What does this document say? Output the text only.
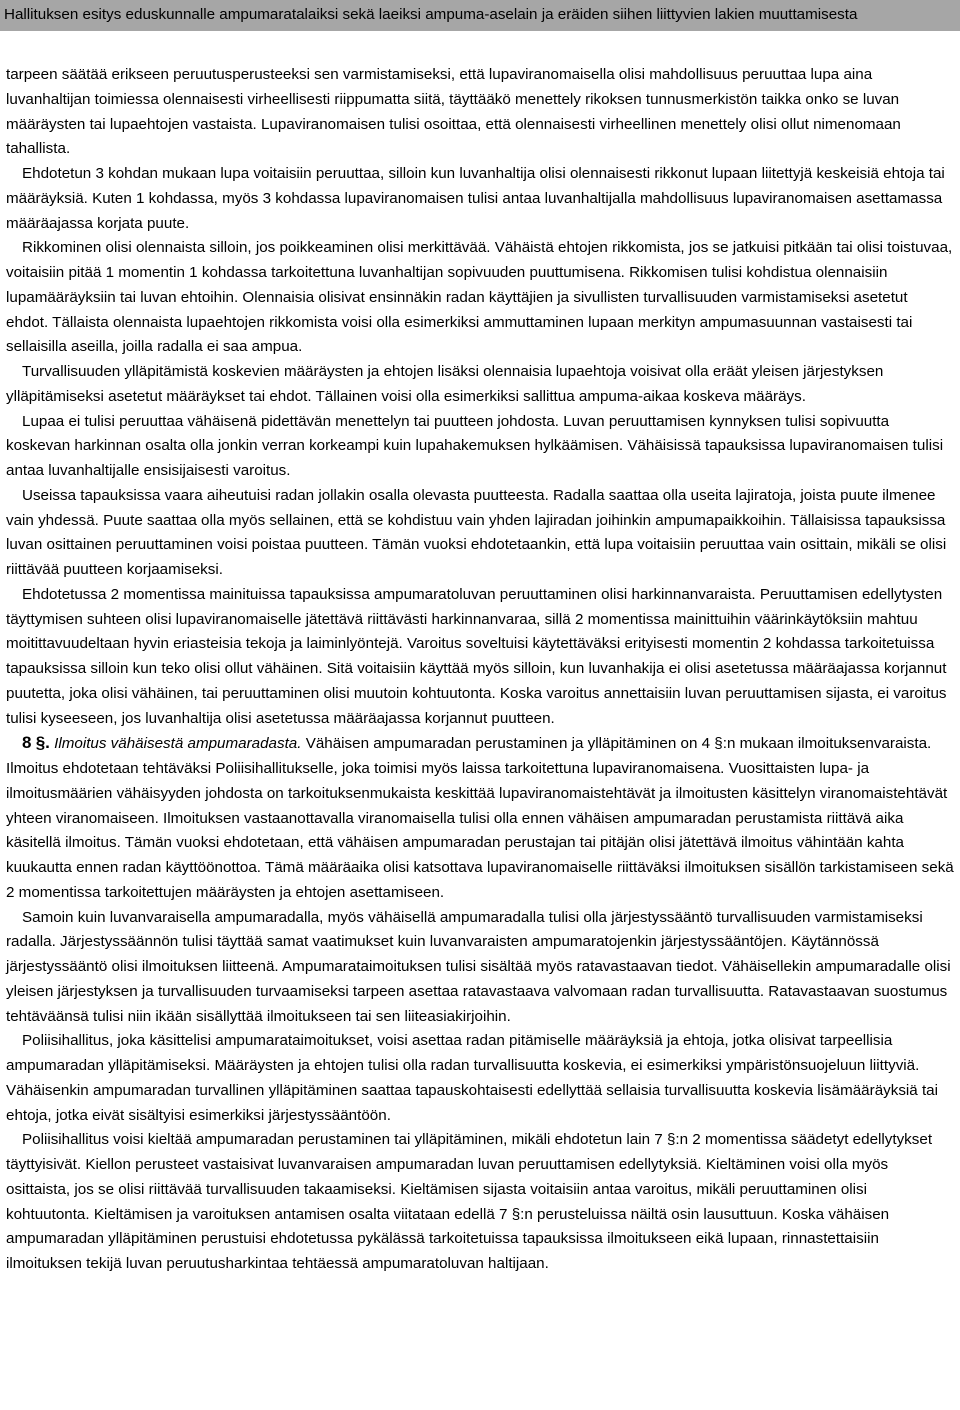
Hallituksen esitys eduskunnalle ampumaratalaiksi sekä laeiksi ampuma-aselain ja eräiden siihen liittyvien lakien muuttamisesta

tarpeen säätää erikseen peruutusperusteeksi sen varmistamiseksi, että lupaviranomaisella olisi mahdollisuus peruuttaa lupa aina luvanhaltijan toimiessa olennaisesti virheellisesti riippumatta siitä, täyttääkö menettely rikoksen tunnusmerkistön taikka onko se luvan määräysten tai lupaehtojen vastaista. Lupaviranomaisen tulisi osoittaa, että olennaisesti virheellinen menettely olisi ollut nimenomaan tahallista.

Ehdotetun 3 kohdan mukaan lupa voitaisiin peruuttaa, silloin kun luvanhaltija olisi olennaisesti rikkonut lupaan liitettyjä keskeisiä ehtoja tai määräyksiä. Kuten 1 kohdassa, myös 3 kohdassa lupaviranomaisen tulisi antaa luvanhaltijalla mahdollisuus lupaviranomaisen asettamassa määräajassa korjata puute.

Rikkominen olisi olennaista silloin, jos poikkeaminen olisi merkittävää. Vähäistä ehtojen rikkomista, jos se jatkuisi pitkään tai olisi toistuvaa, voitaisiin pitää 1 momentin 1 kohdassa tarkoitettuna luvanhaltijan sopivuuden puuttumisena. Rikkomisen tulisi kohdistua olennaisiin lupamääräyksiin tai luvan ehtoihin. Olennaisia olisivat ensinnäkin radan käyttäjien ja sivullisten turvallisuuden varmistamiseksi asetetut ehdot. Tällaista olennaista lupaehtojen rikkomista voisi olla esimerkiksi ammuttaminen lupaan merkityn ampumasuunnan vastaisesti tai sellaisilla aseilla, joilla radalla ei saa ampua.

Turvallisuuden ylläpitämistä koskevien määräysten ja ehtojen lisäksi olennaisia lupaehtoja voisivat olla eräät yleisen järjestyksen ylläpitämiseksi asetetut määräykset tai ehdot. Tällainen voisi olla esimerkiksi sallittua ampuma-aikaa koskeva määräys.

Lupaa ei tulisi peruuttaa vähäisenä pidettävän menettelyn tai puutteen johdosta. Luvan peruuttamisen kynnyksen tulisi sopivuutta koskevan harkinnan osalta olla jonkin verran korkeampi kuin lupahakemuksen hylkäämisen. Vähäisissä tapauksissa lupaviranomaisen tulisi antaa luvanhaltijalle ensisijaisesti varoitus.

Useissa tapauksissa vaara aiheutuisi radan jollakin osalla olevasta puutteesta. Radalla saattaa olla useita lajiratoja, joista puute ilmenee vain yhdessä. Puute saattaa olla myös sellainen, että se kohdistuu vain yhden lajiradan joihinkin ampumapaikkoihin. Tällaisissa tapauksissa luvan osittainen peruuttaminen voisi poistaa puutteen. Tämän vuoksi ehdotetaankin, että lupa voitaisiin peruuttaa vain osittain, mikäli se olisi riittävää puutteen korjaamiseksi.

Ehdotetussa 2 momentissa mainituissa tapauksissa ampumaratoluvan peruuttaminen olisi harkinnanvaraista. Peruuttamisen edellytysten täyttymisen suhteen olisi lupaviranomaiselle jätettävä riittävästi harkinnanvaraa, sillä 2 momentissa mainittuihin väärinkäytöksiin mahtuu moitittavuudeltaan hyvin eriasteisia tekoja ja laiminlyöntejä. Varoitus soveltuisi käytettäväksi erityisesti momentin 2 kohdassa tarkoitetuissa tapauksissa silloin kun teko olisi ollut vähäinen. Sitä voitaisiin käyttää myös silloin, kun luvanhakija ei olisi asetetussa määräajassa korjannut puutetta, joka olisi vähäinen, tai peruuttaminen olisi muutoin kohtuutonta. Koska varoitus annettaisiin luvan peruuttamisen sijasta, ei varoitus tulisi kyseeseen, jos luvanhaltija olisi asetetussa määräajassa korjannut puutteen.

8 §. Ilmoitus vähäisestä ampumaradasta. Vähäisen ampumaradan perustaminen ja ylläpitäminen on 4 §:n mukaan ilmoituksenvaraista. Ilmoitus ehdotetaan tehtäväksi Poliisihallitukselle, joka toimisi myös laissa tarkoitettuna lupaviranomaisena. Vuosittaisten lupa- ja ilmoitusmäärien vähäisyyden johdosta on tarkoituksenmukaista keskittää lupaviranomaistehtävät ja ilmoitusten käsittelyn viranomaistehtävät yhteen viranomaiseen. Ilmoituksen vastaanottavalla viranomaisella tulisi olla ennen vähäisen ampumaradan perustamista riittävä aika käsitellä ilmoitus. Tämän vuoksi ehdotetaan, että vähäisen ampumaradan perustajan tai pitäjän olisi jätettävä ilmoitus vähintään kahta kuukautta ennen radan käyttöönottoa. Tämä määräaika olisi katsottava lupaviranomaiselle riittäväksi ilmoituksen sisällön tarkistamiseen sekä 2 momentissa tarkoitettujen määräysten ja ehtojen asettamiseen.

Samoin kuin luvanvaraisella ampumaradalla, myös vähäisellä ampumaradalla tulisi olla järjestyssääntö turvallisuuden varmistamiseksi radalla. Järjestyssäännön tulisi täyttää samat vaatimukset kuin luvanvaraisten ampumaratojenkin järjestyssääntöjen. Käytännössä järjestyssääntö olisi ilmoituksen liitteenä. Ampumarataimoituksen tulisi sisältää myös ratavastaavan tiedot. Vähäisellekin ampumaradalle olisi yleisen järjestyksen ja turvallisuuden turvaamiseksi tarpeen asettaa ratavastaava valvomaan radan turvallisuutta. Ratavastaavan suostumus tehtäväänsä tulisi niin ikään sisällyttää ilmoitukseen tai sen liiteasiakirjoihin.

Poliisihallitus, joka käsittelisi ampumarataimoitukset, voisi asettaa radan pitämiselle määräyksiä ja ehtoja, jotka olisivat tarpeellisia ampumaradan ylläpitämiseksi. Määräysten ja ehtojen tulisi olla radan turvallisuutta koskevia, ei esimerkiksi ympäristönsuojeluun liittyviä. Vähäisenkin ampumaradan turvallinen ylläpitäminen saattaa tapauskohtaisesti edellyttää sellaisia turvallisuutta koskevia lisämääräyksiä tai ehtoja, jotka eivät sisältyisi esimerkiksi järjestyssääntöön.

Poliisihallitus voisi kieltää ampumaradan perustaminen tai ylläpitäminen, mikäli ehdotetun lain 7 §:n 2 momentissa säädetyt edellytykset täyttyisivät. Kiellon perusteet vastaisivat luvanvaraisen ampumaradan luvan peruuttamisen edellytyksiä. Kieltäminen voisi olla myös osittaista, jos se olisi riittävää turvallisuuden takaamiseksi. Kieltämisen sijasta voitaisiin antaa varoitus, mikäli peruuttaminen olisi kohtuutonta. Kieltämisen ja varoituksen antamisen osalta viitataan edellä 7 §:n perusteluissa näiltä osin lausuttuun. Koska vähäisen ampumaradan ylläpitäminen perustuisi ehdotetussa pykälässä tarkoitetuissa tapauksissa ilmoitukseen eikä lupaan, rinnastettaisiin ilmoituksen tekijä luvan peruutusharkintaa tehtäessä ampumaratoluvan haltijaan.
